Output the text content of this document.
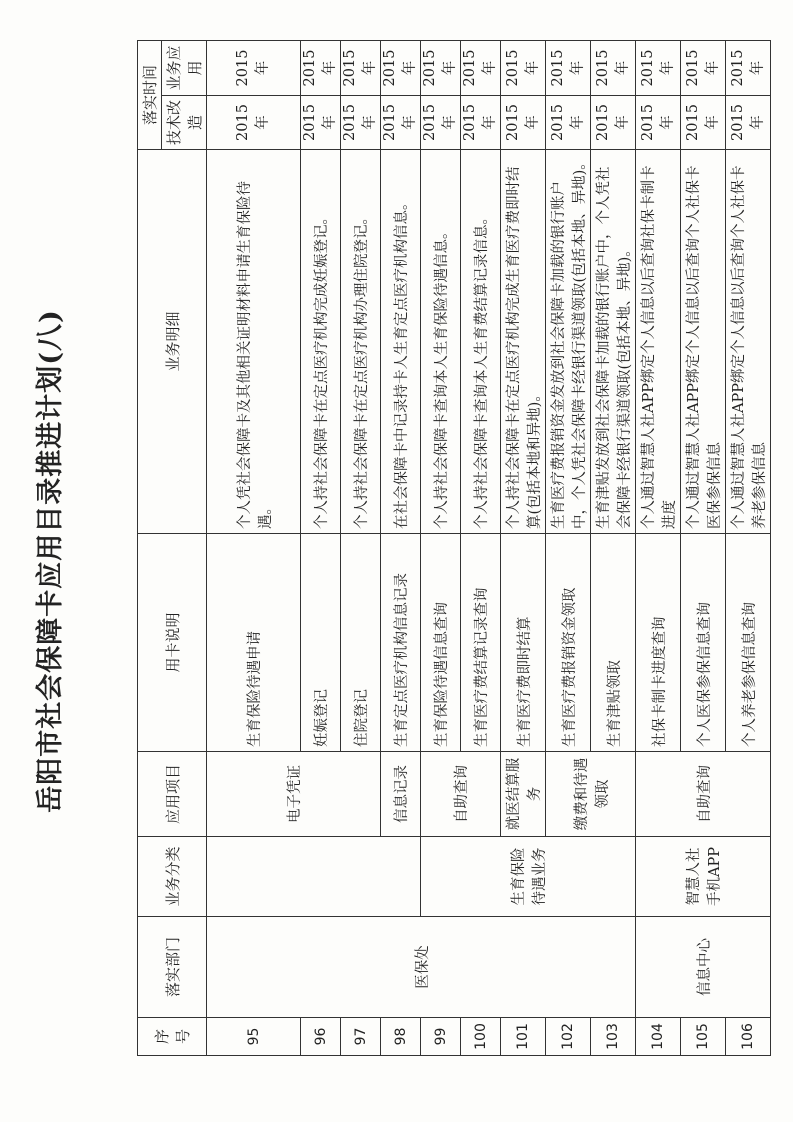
岳阳市社会保障卡应用目录推进计划(八)
序号	落实部门	业务分类	应用项目	用卡说明	业务明细	落实时间	
						技术改造	业务应用
95	医保处		电子凭证	生育保险待遇申请	个人凭社会保障卡及其他相关证明材料申请生育保险待遇。	2015年	2015年
96				妊娠登记	个人持社会保障卡在定点医疗机构完成妊娠登记。	2015年	2015年
97				住院登记	个人持社会保障卡在定点医疗机构办理住院登记。	2015年	2015年
98			信息记录	生育定点医疗机构信息记录	在社会保障卡中记录持卡人生育定点医疗机构信息。	2015年	2015年
99		生育保险待遇业务	自助查询	生育保险待遇信息查询	个人持社会保障卡查询本人生育保险待遇信息。	2015年	2015年
100				生育医疗费结算记录查询	个人持社会保障卡查询本人生育费结算记录信息。	2015年	2015年
101			就医结算服务	生育医疗费即时结算	个人持社会保障卡在定点医疗机构完成生育医疗费即时结算(包括本地和异地)。	2015年	2015年
102			缴费和待遇领取	生育医疗费报销资金领取	生育医疗费报销资金发放到社会保障卡加载的银行账户中，个人凭社会保障卡经银行渠道领取(包括本地、异地)。	2015年	2015年
103				生育津贴领取	生育津贴发放到社会保障卡加载的银行账户中，个人凭社会保障卡经银行渠道领取(包括本地、异地)。	2015年	2015年
104	信息中心	智慧人社手机APP	自助查询	社保卡制卡进度查询	个人通过智慧人社APP绑定个人信息以后查询社保卡制卡进度	2015年	2015年
105				个人医保参保信息查询	个人通过智慧人社APP绑定个人信息以后查询个人社保卡医保参保信息	2015年	2015年
106				个人养老参保信息查询	个人通过智慧人社APP绑定个人信息以后查询个人社保卡养老参保信息	2015年	2015年
